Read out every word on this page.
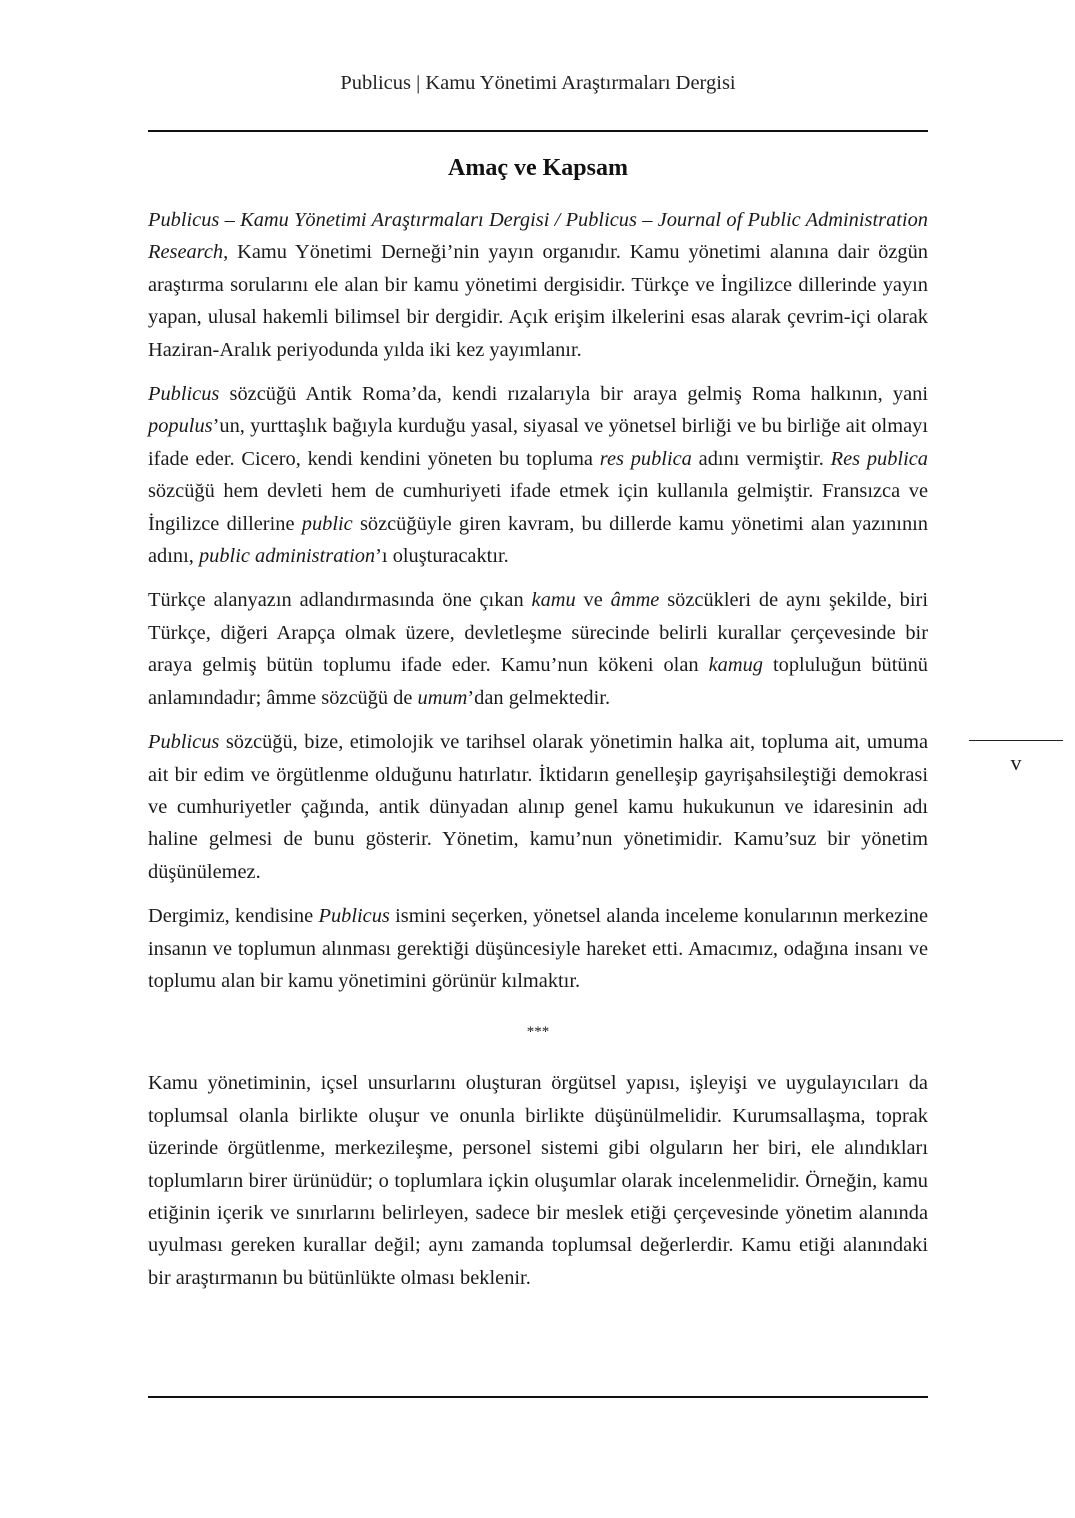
Publicus | Kamu Yönetimi Araştırmaları Dergisi
Amaç ve Kapsam

Publicus – Kamu Yönetimi Araştırmaları Dergisi / Publicus – Journal of Public Administration Research, Kamu Yönetimi Derneği’nin yayın organıdır. Kamu yönetimi alanına dair özgün araştırma sorularını ele alan bir kamu yönetimi dergisidir. Türkçe ve İngilizce dillerinde yayın yapan, ulusal hakemli bilimsel bir dergidir. Açık erişim ilkelerini esas alarak çevrim-içi olarak Haziran-Aralık periyodunda yılda iki kez yayımlanır.

Publicus sözcüğü Antik Roma’da, kendi rızalarıyla bir araya gelmiş Roma halkının, yani populus’un, yurttaşlık bağıyla kurduğu yasal, siyasal ve yönetsel birliği ve bu birliğe ait olmayı ifade eder. Cicero, kendi kendini yöneten bu topluma res publica adını vermiştir. Res publica sözcüğü hem devleti hem de cumhuriyeti ifade etmek için kullanıla gelmiştir. Fransızca ve İngilizce dillerine public sözcüğüyle giren kavram, bu dillerde kamu yönetimi alan yazınının adını, public administration’ı oluşturacaktır.

Türkçe alanyazın adlandırmasında öne çıkan kamu ve âmme sözcükleri de aynı şekilde, biri Türkçe, diğeri Arapça olmak üzere, devletleşme sürecinde belirli kurallar çerçevesinde bir araya gelmiş bütün toplumu ifade eder. Kamu’nun kökeni olan kamug topluluğun bütünü anlamındadır; âmme sözcüğü de umum’dan gelmektedir.

Publicus sözcüğü, bize, etimolojik ve tarihsel olarak yönetimin halka ait, topluma ait, umuma ait bir edim ve örgütlenme olduğunu hatırlatır. İktidarın genelleşip gayrişahsileştiği demokrasi ve cumhuriyetler çağında, antik dünyadan alınıp genel kamu hukukunun ve idaresinin adı haline gelmesi de bunu gösterir. Yönetim, kamu’nun yönetimidir. Kamu’suz bir yönetim düşünülemez.

Dergimiz, kendisine Publicus ismini seçerken, yönetsel alanda inceleme konularının merkezine insanın ve toplumun alınması gerektiği düşüncesiyle hareket etti. Amacımız, odağına insanı ve toplumu alan bir kamu yönetimini görünür kılmaktır.

***

Kamu yönetiminin, içsel unsurlarını oluşturan örgütsel yapısı, işleyişi ve uygulayıcıları da toplumsal olanla birlikte oluşur ve onunla birlikte düşünülmelidir. Kurumsallaşma, toprak üzerinde örgütlenme, merkezileşme, personel sistemi gibi olguların her biri, ele alındıkları toplumların birer ürünüdür; o toplumlara içkin oluşumlar olarak incelenmelidir. Örneğin, kamu etiğinin içerik ve sınırlarını belirleyen, sadece bir meslek etiği çerçevesinde yönetim alanında uyulması gereken kurallar değil; aynı zamanda toplumsal değerlerdir. Kamu etiği alanındaki bir araştırmanın bu bütünlükte olması beklenir.

v
